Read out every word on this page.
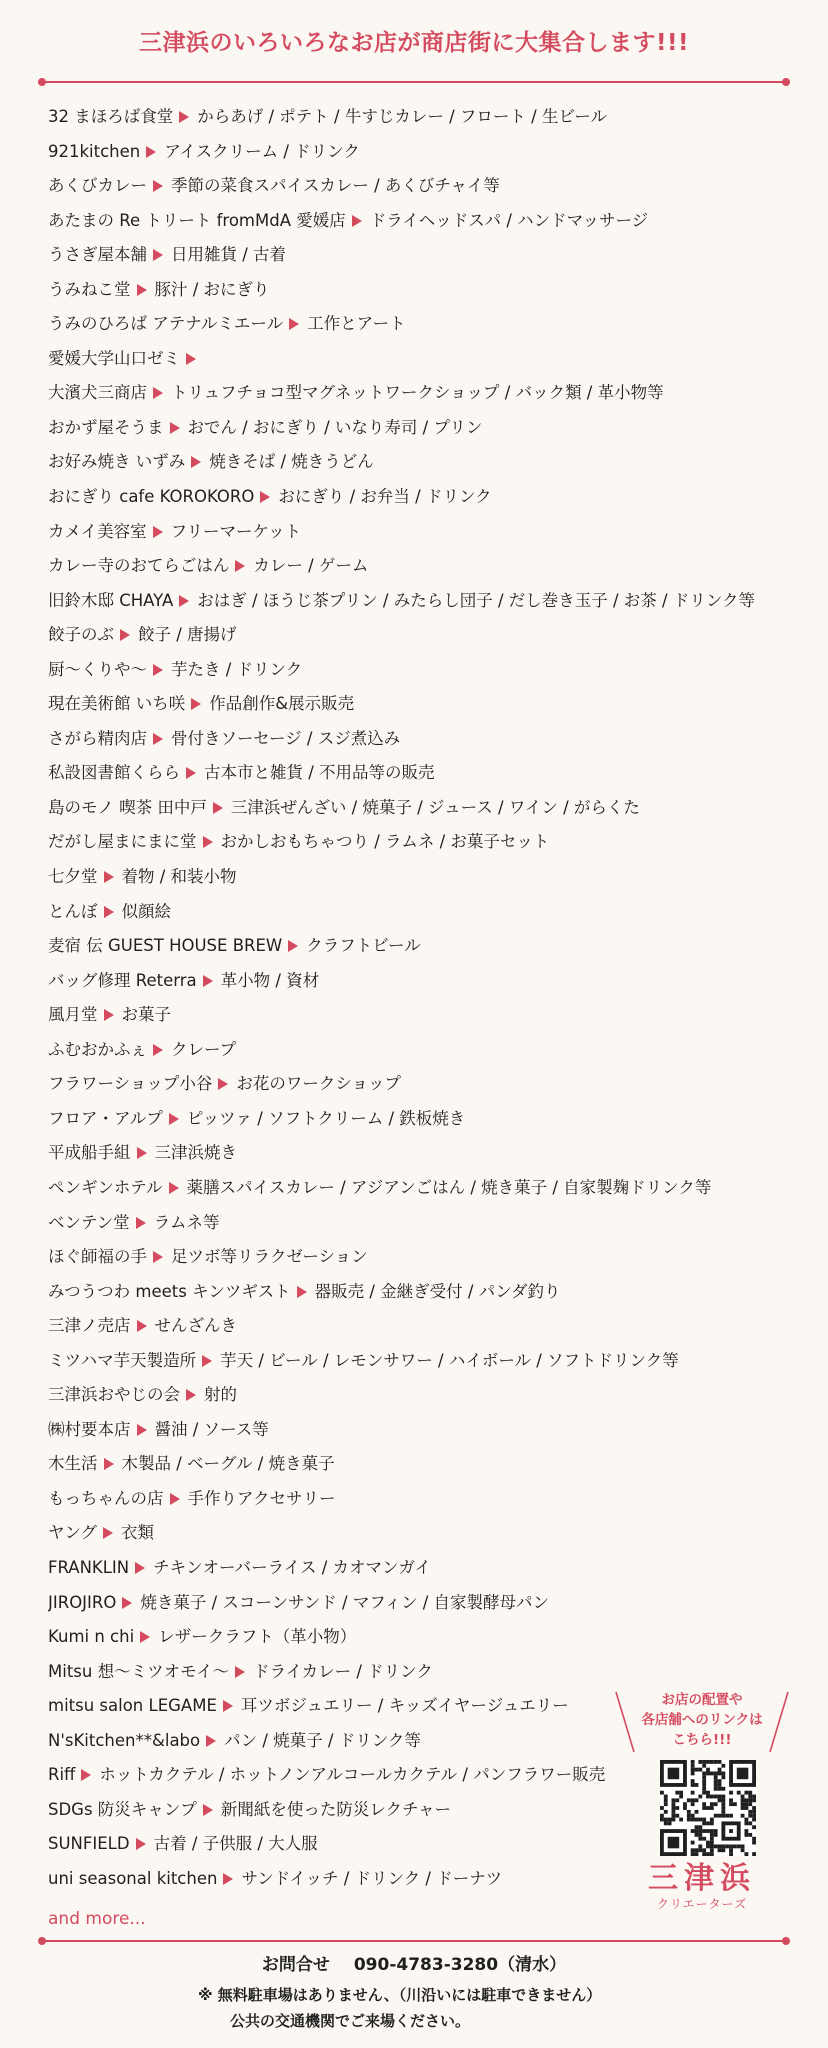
三津浜のいろいろなお店が商店街に大集合します!!!
32 まほろば食堂 からあげ / ポテト / 牛すじカレー / フロート / 生ビール
921kitchen アイスクリーム / ドリンク
あくびカレー 季節の菜食スパイスカレー / あくびチャイ等
あたまの Re トリート fromMdA 愛媛店 ドライヘッドスパ / ハンドマッサージ
うさぎ屋本舗 日用雑貨 / 古着
うみねこ堂 豚汁 / おにぎり
うみのひろば アテナルミエール 工作とアート
愛媛大学山口ゼミ
大濱犬三商店 トリュフチョコ型マグネットワークショップ / バック類 / 革小物等
おかず屋そうま おでん / おにぎり / いなり寿司 / プリン
お好み焼き いずみ 焼きそば / 焼きうどん
おにぎり cafe KOROKORO おにぎり / お弁当 / ドリンク
カメイ美容室 フリーマーケット
カレー寺のおてらごはん カレー / ゲーム
旧鈴木邸 CHAYA おはぎ / ほうじ茶プリン / みたらし団子 / だし巻き玉子 / お茶 / ドリンク等
餃子のぶ 餃子 / 唐揚げ
厨～くりや～ 芋たき / ドリンク
現在美術館 いち咲 作品創作&展示販売
さがら精肉店 骨付きソーセージ / スジ煮込み
私設図書館くらら 古本市と雑貨 / 不用品等の販売
島のモノ 喫茶 田中戸 三津浜ぜんざい / 焼菓子 / ジュース / ワイン / がらくた
だがし屋まにまに堂 おかしおもちゃつり / ラムネ / お菓子セット
七夕堂 着物 / 和装小物
とんぼ 似顔絵
麦宿 伝 GUEST HOUSE BREW クラフトビール
バッグ修理 Reterra 革小物 / 資材
風月堂 お菓子
ふむおかふぇ クレープ
フラワーショップ小谷 お花のワークショップ
フロア・アルプ ピッツァ / ソフトクリーム / 鉄板焼き
平成船手組 三津浜焼き
ペンギンホテル 薬膳スパイスカレー / アジアンごはん / 焼き菓子 / 自家製麹ドリンク等
ベンテン堂 ラムネ等
ほぐ師福の手 足ツボ等リラクゼーション
みつうつわ meets キンツギスト 器販売 / 金継ぎ受付 / パンダ釣り
三津ノ売店 せんざんき
ミツハマ芋天製造所 芋天 / ビール / レモンサワー / ハイボール / ソフトドリンク等
三津浜おやじの会 射的
㈱村要本店 醤油 / ソース等
木生活 木製品 / ベーグル / 焼き菓子
もっちゃんの店 手作りアクセサリー
ヤング 衣類
FRANKLIN チキンオーバーライス / カオマンガイ
JIROJIRO 焼き菓子 / スコーンサンド / マフィン / 自家製酵母パン
Kumi n chi レザークラフト（革小物）
Mitsu 想～ミツオモイ～ ドライカレー / ドリンク
mitsu salon LEGAME 耳ツボジュエリー / キッズイヤージュエリー
N'sKitchen**&labo パン / 焼菓子 / ドリンク等
Riff ホットカクテル / ホットノンアルコールカクテル / パンフラワー販売
SDGs 防災キャンプ 新聞紙を使った防災レクチャー
SUNFIELD 古着 / 子供服 / 大人服
uni seasonal kitchen サンドイッチ / ドリンク / ドーナツ
and more...
お店の配置や
各店舗へのリンクは
こちら!!!
三津浜
クリエーターズ
お問合せ 090-4783-3280（清水）
※ 無料駐車場はありません、（川沿いには駐車できません）
公共の交通機関でご来場ください。
